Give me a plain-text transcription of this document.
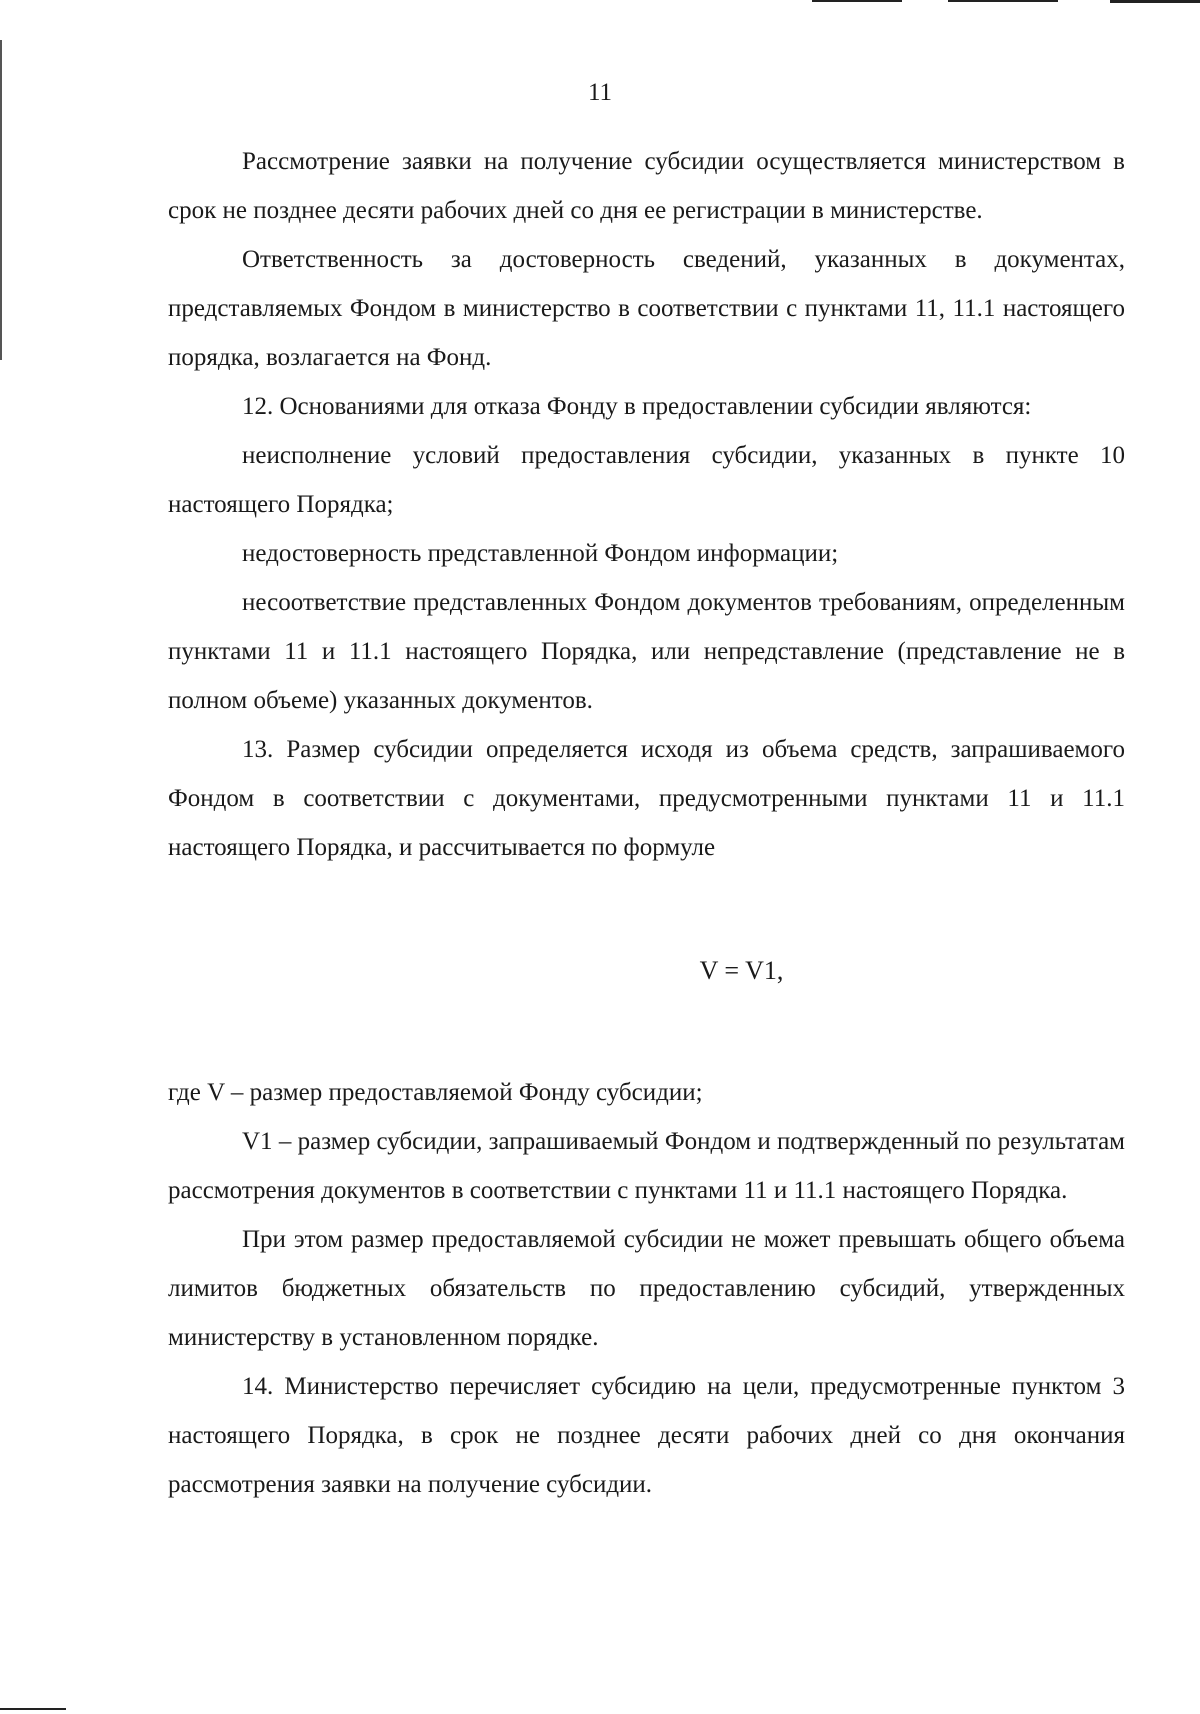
11

Рассмотрение заявки на получение субсидии осуществляется министерством в срок не позднее десяти рабочих дней со дня ее регистрации в министерстве.

Ответственность за достоверность сведений, указанных в документах, представляемых Фондом в министерство в соответствии с пунктами 11, 11.1 настоящего порядка, возлагается на Фонд.

12. Основаниями для отказа Фонду в предоставлении субсидии являются:

неисполнение условий предоставления субсидии, указанных в пункте 10 настоящего Порядка;

недостоверность представленной Фондом информации;

несоответствие представленных Фондом документов требованиям, определенным пунктами 11 и 11.1 настоящего Порядка, или непредставление (представление не в полном объеме) указанных документов.

13. Размер субсидии определяется исходя из объема средств, запрашиваемого Фондом в соответствии с документами, предусмотренными пунктами 11 и 11.1 настоящего Порядка, и рассчитывается по формуле

V = V1,

где V – размер предоставляемой Фонду субсидии;

V1 – размер субсидии, запрашиваемый Фондом и подтвержденный по результатам рассмотрения документов в соответствии с пунктами 11 и 11.1 настоящего Порядка.

При этом размер предоставляемой субсидии не может превышать общего объема лимитов бюджетных обязательств по предоставлению субсидий, утвержденных министерству в установленном порядке.

14. Министерство перечисляет субсидию на цели, предусмотренные пунктом 3 настоящего Порядка, в срок не позднее десяти рабочих дней со дня окончания рассмотрения заявки на получение субсидии.
